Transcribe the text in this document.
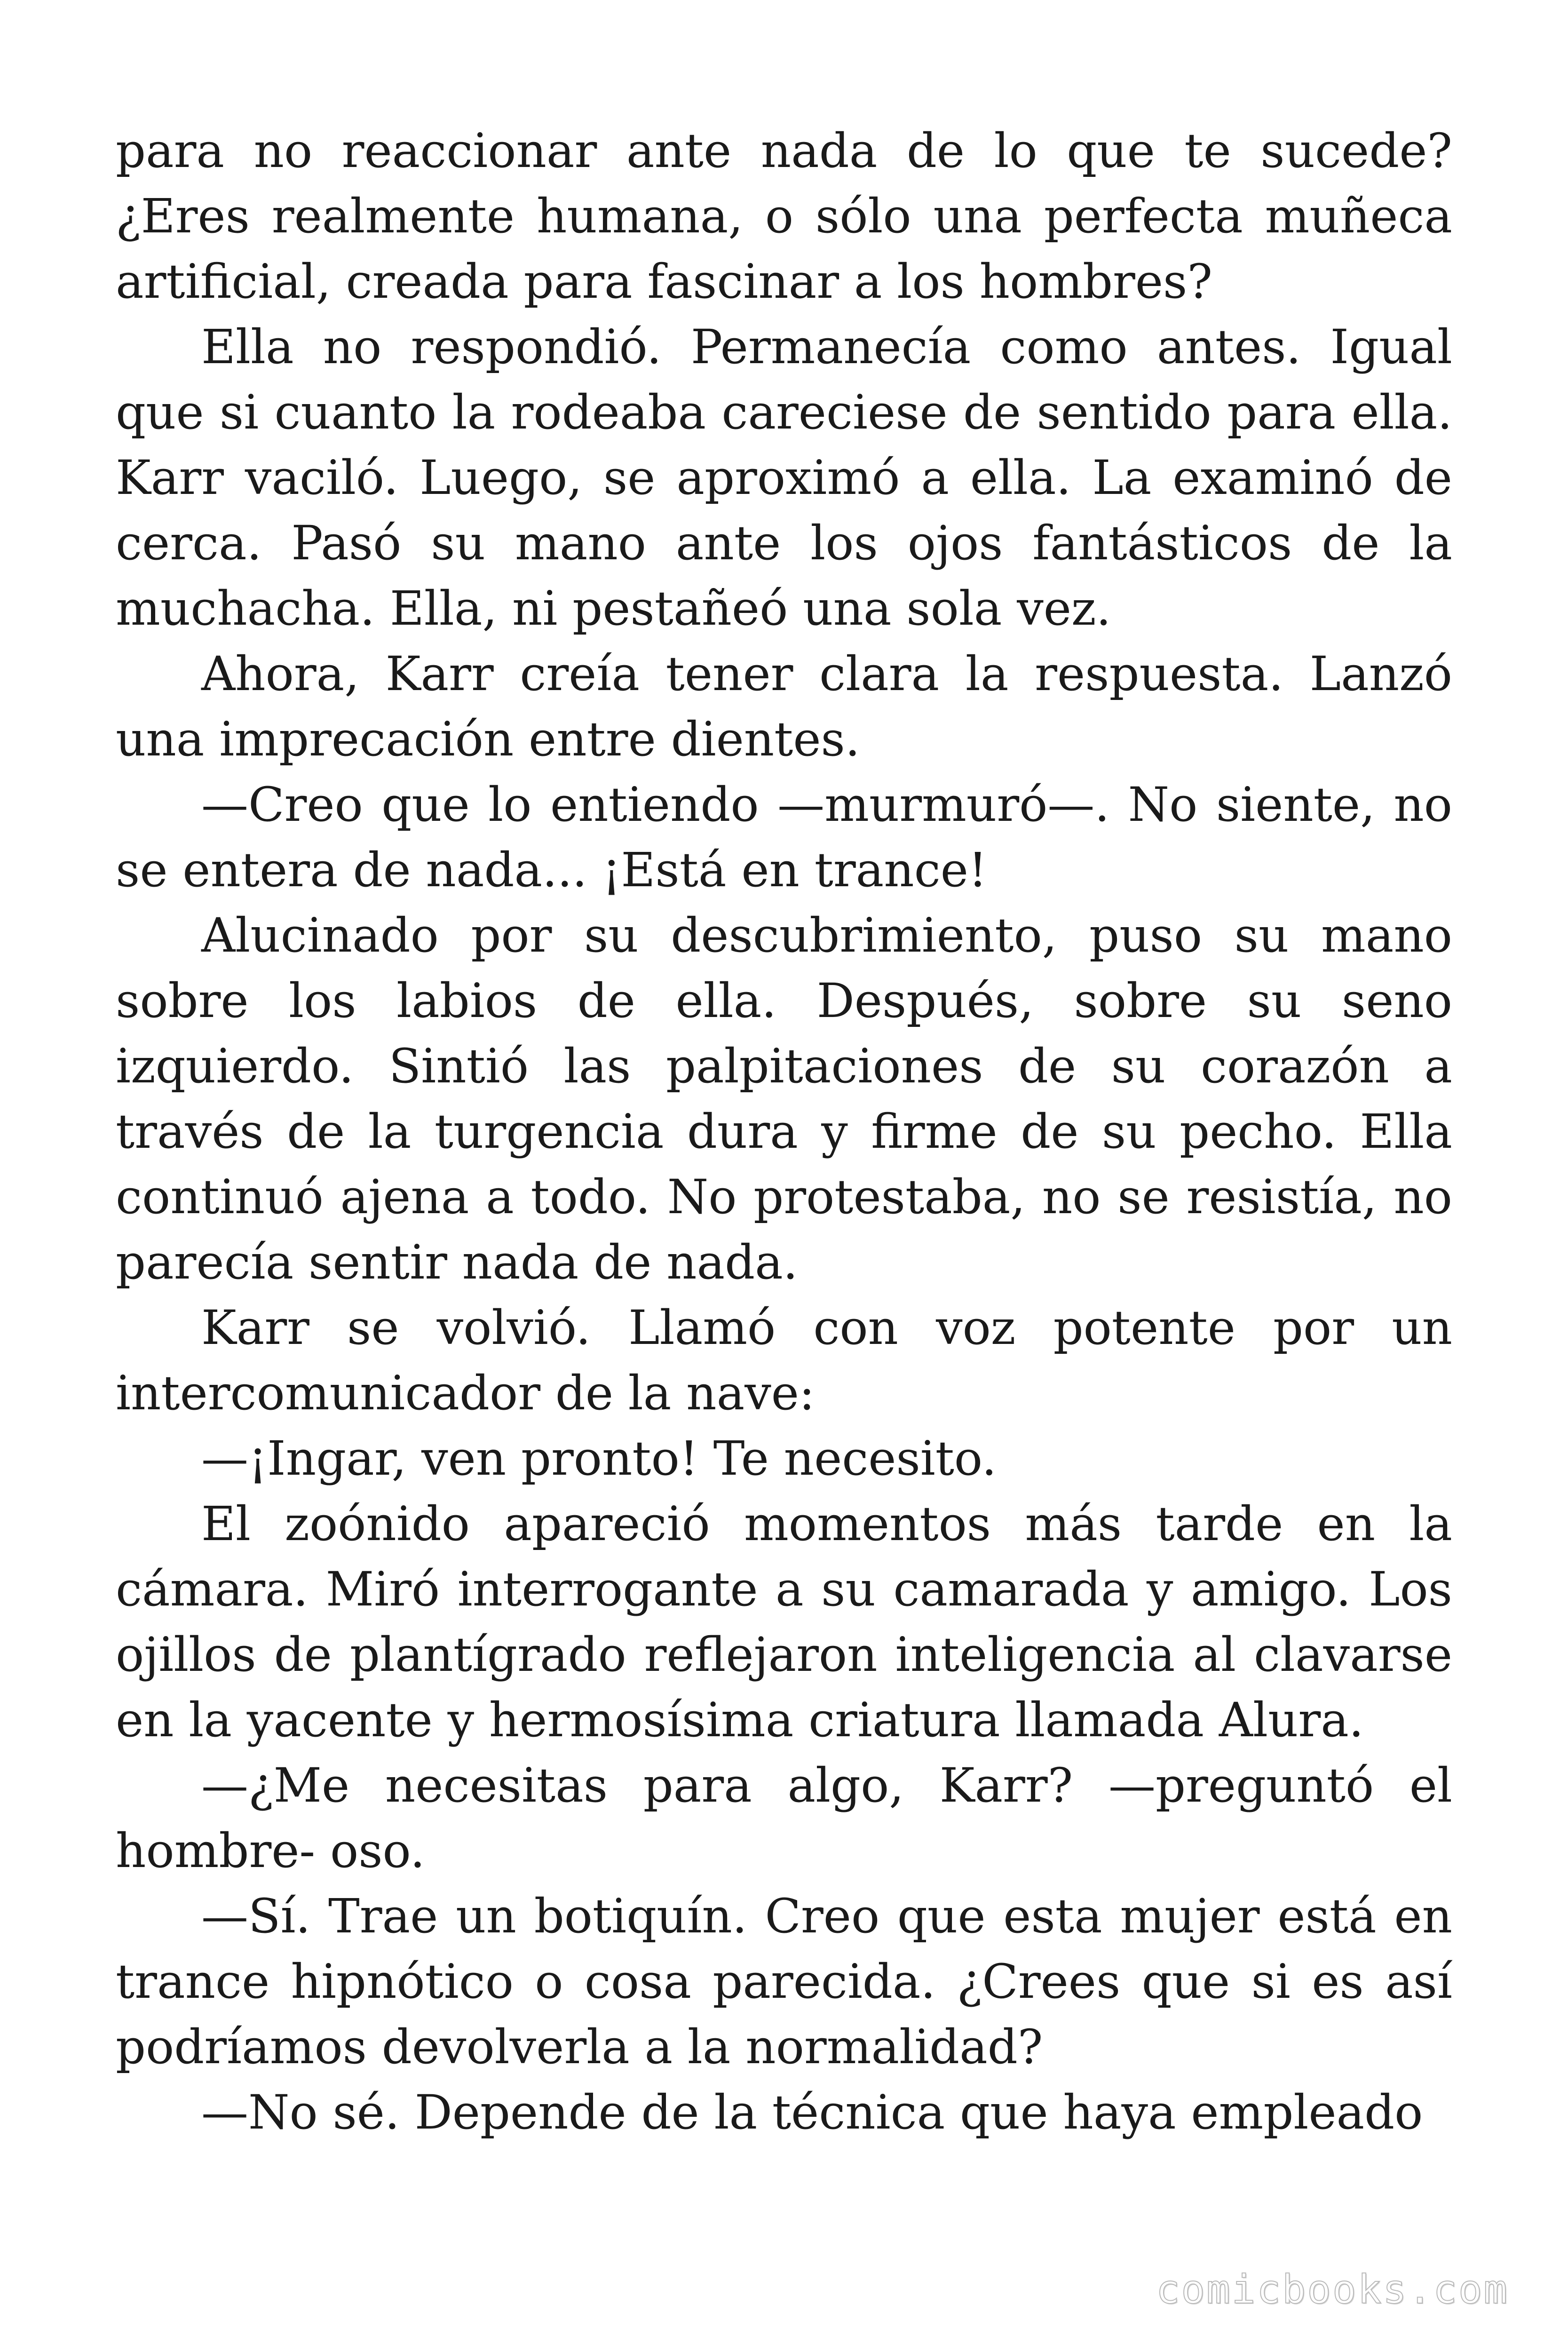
para no reaccionar ante nada de lo que te sucede? ¿Eres realmente humana, o sólo una perfecta muñeca artificial, creada para fascinar a los hombres?

Ella no respondió. Permanecía como antes. Igual que si cuanto la rodeaba careciese de sentido para ella. Karr vaciló. Luego, se aproximó a ella. La examinó de cerca. Pasó su mano ante los ojos fantásticos de la muchacha. Ella, ni pestañeó una sola vez.

Ahora, Karr creía tener clara la respuesta. Lanzó una imprecación entre dientes.

—Creo que lo entiendo —murmuró—. No siente, no se entera de nada... ¡Está en trance!

Alucinado por su descubrimiento, puso su mano sobre los labios de ella. Después, sobre su seno izquierdo. Sintió las palpitaciones de su corazón a través de la turgencia dura y firme de su pecho. Ella continuó ajena a todo. No protestaba, no se resistía, no parecía sentir nada de nada.

Karr se volvió. Llamó con voz potente por un intercomunicador de la nave:

—¡Ingar, ven pronto! Te necesito.

El zoónido apareció momentos más tarde en la cámara. Miró interrogante a su camarada y amigo. Los ojillos de plantígrado reflejaron inteligencia al clavarse en la yacente y hermosísima criatura llamada Alura.

—¿Me necesitas para algo, Karr? —preguntó el hombre- oso.

—Sí. Trae un botiquín. Creo que esta mujer está en trance hipnótico o cosa parecida. ¿Crees que si es así podríamos devolverla a la normalidad?

—No sé. Depende de la técnica que haya empleado

comicbooks.com
